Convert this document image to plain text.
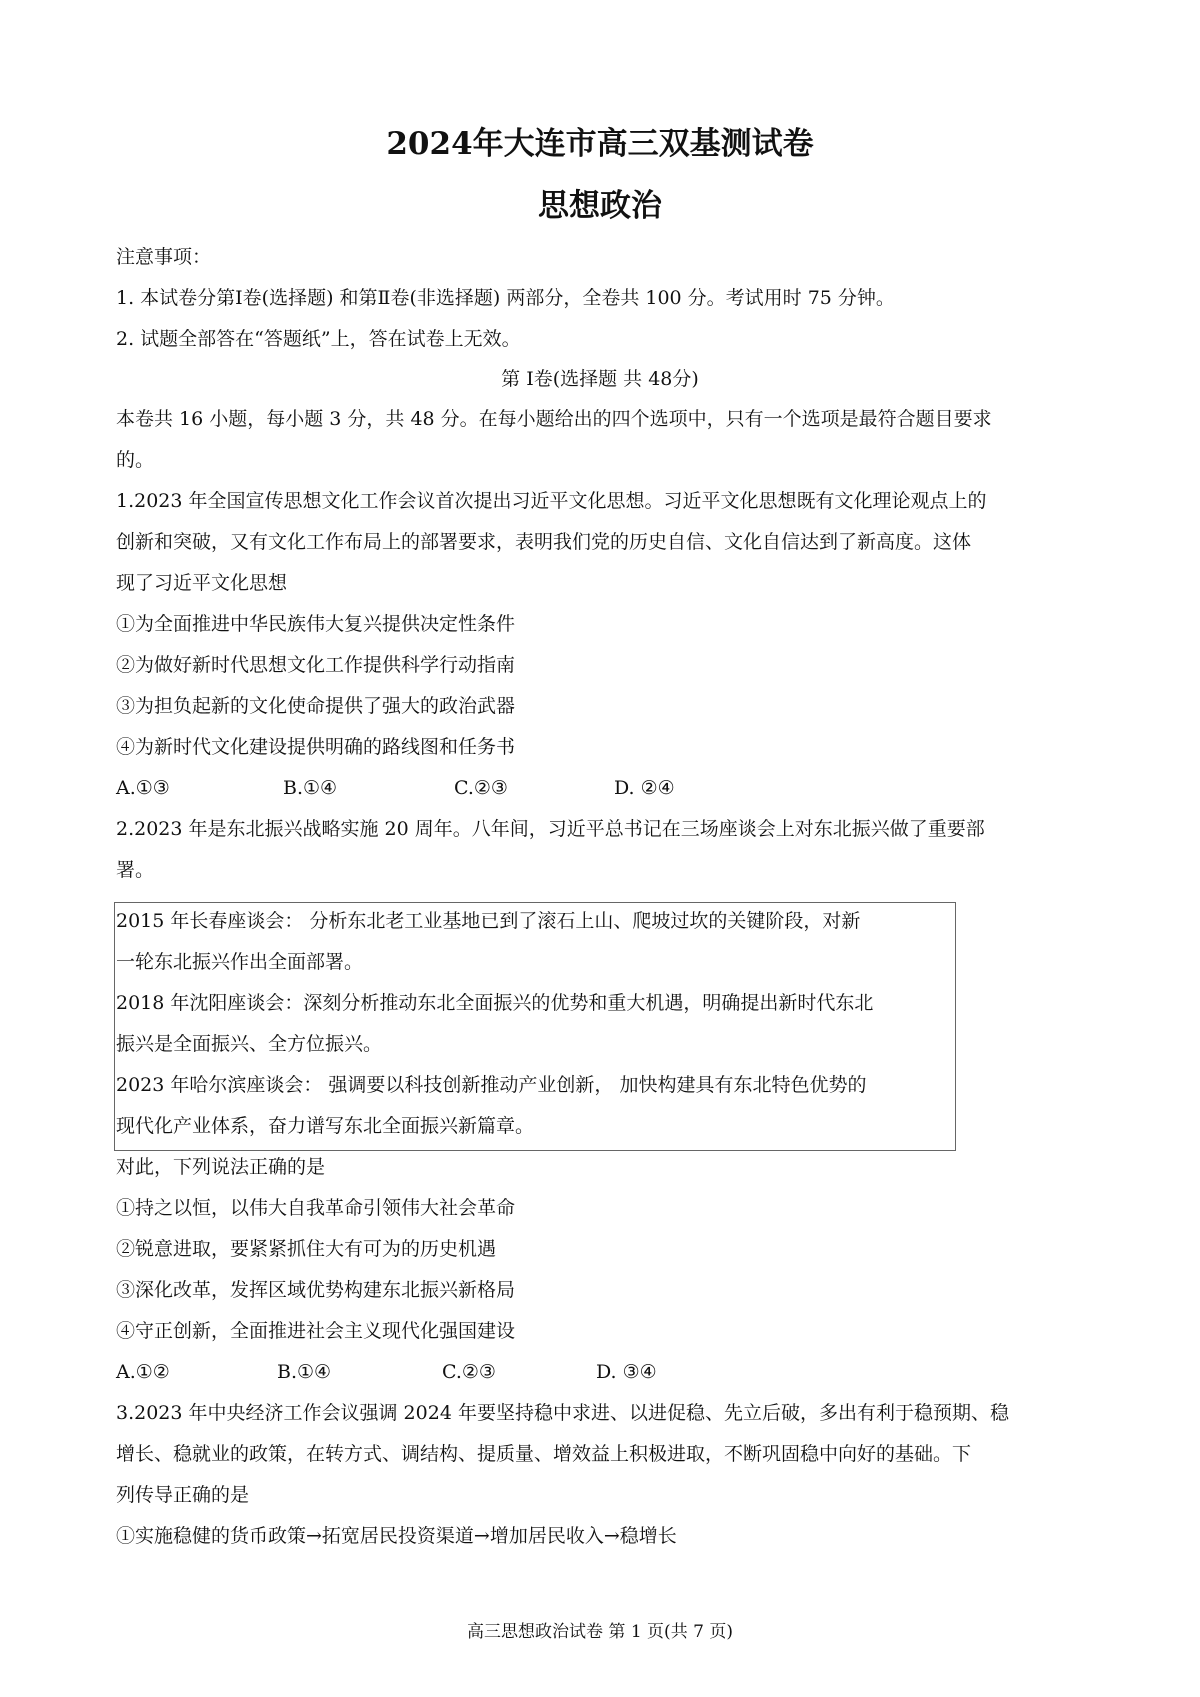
2024年大连市高三双基测试卷
思想政治
注意事项：
1. 本试卷分第Ⅰ卷(选择题) 和第Ⅱ卷(非选择题) 两部分，全卷共 100 分。考试用时 75 分钟。
2. 试题全部答在“答题纸”上，答在试卷上无效。
第 Ⅰ卷(选择题 共 48分)
本卷共 16 小题，每小题 3 分，共 48 分。在每小题给出的四个选项中，只有一个选项是最符合题目要求
的。
1.2023 年全国宣传思想文化工作会议首次提出习近平文化思想。习近平文化思想既有文化理论观点上的
创新和突破，又有文化工作布局上的部署要求，表明我们党的历史自信、文化自信达到了新高度。这体
现了习近平文化思想
①为全面推进中华民族伟大复兴提供决定性条件
②为做好新时代思想文化工作提供科学行动指南
③为担负起新的文化使命提供了强大的政治武器
④为新时代文化建设提供明确的路线图和任务书
A.①③	B.①④	C.②③	D. ②④
2.2023 年是东北振兴战略实施 20 周年。八年间，习近平总书记在三场座谈会上对东北振兴做了重要部
署。
2015 年长春座谈会： 分析东北老工业基地已到了滚石上山、爬坡过坎的关键阶段，对新
一轮东北振兴作出全面部署。
2018 年沈阳座谈会：深刻分析推动东北全面振兴的优势和重大机遇，明确提出新时代东北
振兴是全面振兴、全方位振兴。
2023 年哈尔滨座谈会： 强调要以科技创新推动产业创新， 加快构建具有东北特色优势的
现代化产业体系，奋力谱写东北全面振兴新篇章。
对此，下列说法正确的是
①持之以恒，以伟大自我革命引领伟大社会革命
②锐意进取，要紧紧抓住大有可为的历史机遇
③深化改革，发挥区域优势构建东北振兴新格局
④守正创新，全面推进社会主义现代化强国建设
A.①②	B.①④	C.②③	D. ③④
3.2023 年中央经济工作会议强调 2024 年要坚持稳中求进、以进促稳、先立后破，多出有利于稳预期、稳
增长、稳就业的政策，在转方式、调结构、提质量、增效益上积极进取，不断巩固稳中向好的基础。下
列传导正确的是
①实施稳健的货币政策→拓宽居民投资渠道→增加居民收入→稳增长
高三思想政治试卷 第 1 页(共 7 页)
